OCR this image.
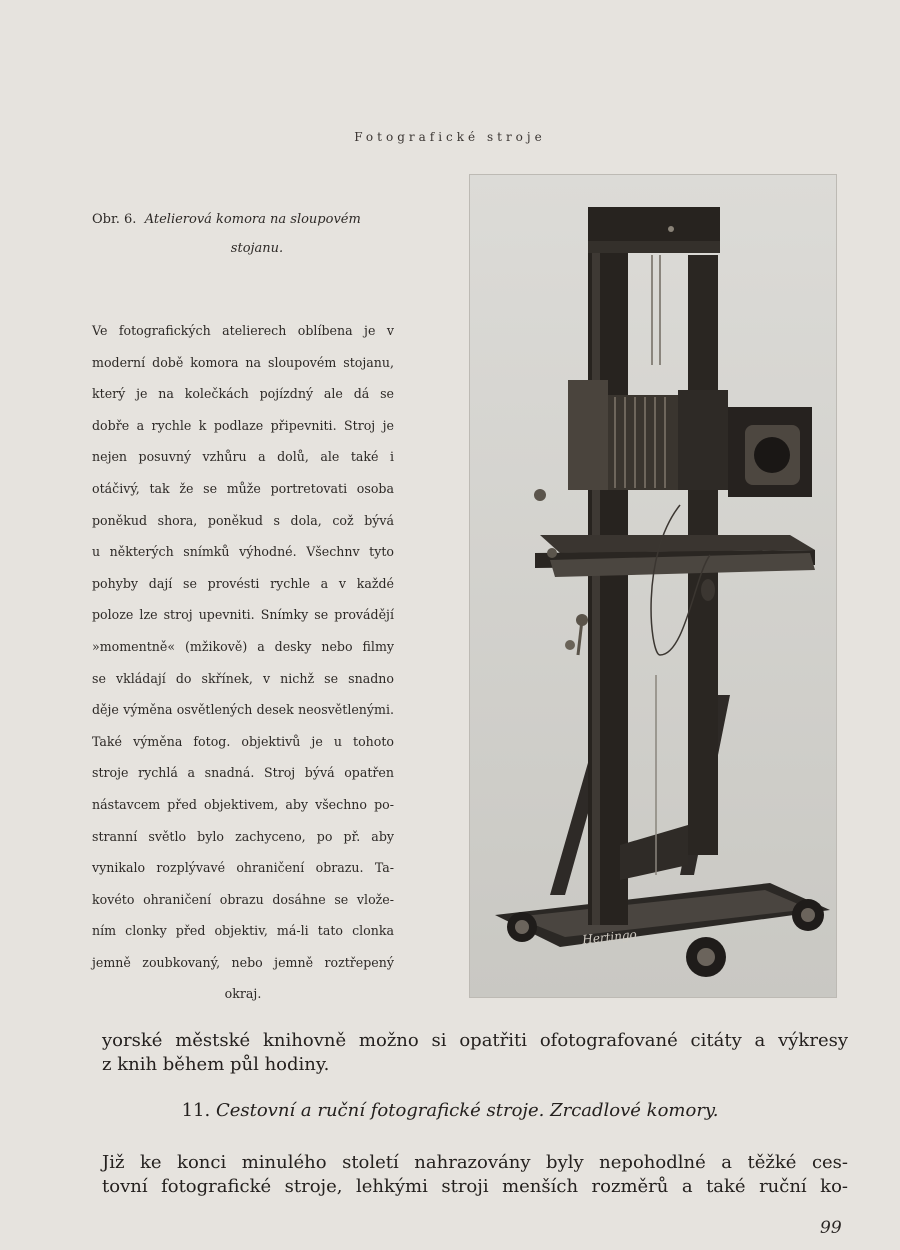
Fotografické stroje
Obr. 6. Atelierová komora na sloupovém
stojanu.
Ve fotografických atelierech oblíbena je v
moderní době komora na sloupovém stojanu,
který je na kolečkách pojízdný ale dá se
dobře a rychle k podlaze připevniti. Stroj je
nejen posuvný vzhůru a dolů, ale také i
otáčivý, tak že se může portretovati osoba
poněkud shora, poněkud s dola, což bývá
u některých snímků výhodné. Všechnv tyto
pohyby dají se provésti rychle a v každé
poloze lze stroj upevniti. Snímky se provádějí
»momentně« (mžikově) a desky nebo filmy
se vkládají do skřínek, v nichž se snadno
děje výměna osvětlených desek neosvětlenými.
Také výměna fotog. objektivů je u tohoto
stroje rychlá a snadná. Stroj bývá opatřen
nástavcem před objektivem, aby všechno po-
stranní světlo bylo zachyceno, po př. aby
vynikalo rozplývavé ohraničení obrazu. Ta-
kovéto ohraničení obrazu dosáhne se vlože-
ním clonky před objektiv, má-li tato clonka
jemně zoubkovaný, nebo jemně roztřepený
okraj.
Hertingo
yorské městské knihovně možno si opatřiti ofotografované citáty a výkresy
z knih během půl hodiny.
11. Cestovní a ruční fotografické stroje. Zrcadlové komory.
Již ke konci minulého století nahrazovány byly nepohodlné a těžké ces-
tovní fotografické stroje, lehkými stroji menších rozměrů a také ruční ko-
99
